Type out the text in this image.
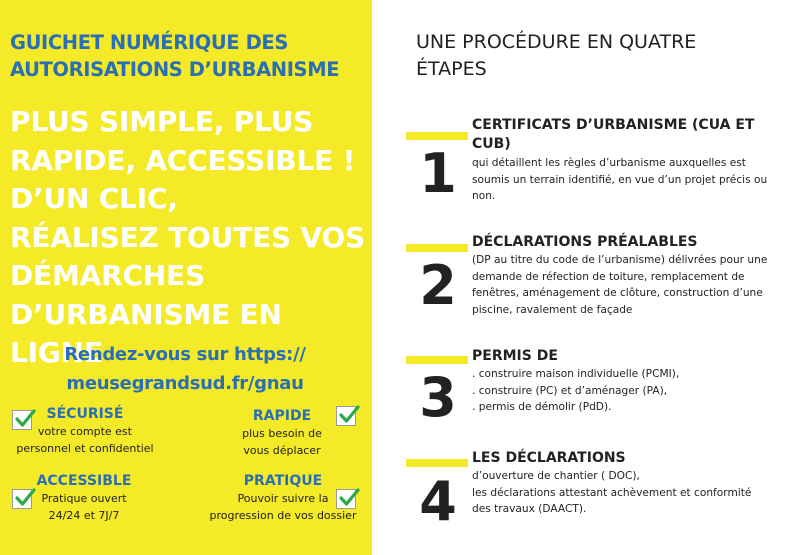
GUICHET NUMÉRIQUE DES
AUTORISATIONS D’URBANISME
PLUS SIMPLE, PLUS
RAPIDE, ACCESSIBLE !
D’UN CLIC,
RÉALISEZ TOUTES VOS
DÉMARCHES
D’URBANISME EN LIGNE
Rendez-vous sur https://
meusegrandsud.fr/gnau
SÉCURISÉ
votre compte est
personnel et confidentiel
RAPIDE
plus besoin de
vous déplacer
ACCESSIBLE
Pratique ouvert
24/24 et 7J/7
PRATIQUE
Pouvoir suivre la
progression de vos dossier
UNE PROCÉDURE EN QUATRE
ÉTAPES
1
CERTIFICATS D’URBANISME (CUA ET
CUB)
qui détaillent les règles d’urbanisme auxquelles est
soumis un terrain identifié, en vue d’un projet précis ou
non.
2
DÉCLARATIONS PRÉALABLES
(DP au titre du code de l’urbanisme) délivrées pour une
demande de réfection de toiture, remplacement de
fenêtres, aménagement de clôture, construction d’une
piscine, ravalement de façade
3
PERMIS DE
. construire maison individuelle (PCMI),
. construire (PC) et d’aménager (PA),
. permis de démolir (PdD).
4
LES DÉCLARATIONS
d’ouverture de chantier ( DOC),
les déclarations attestant achèvement et conformité
des travaux (DAACT).
